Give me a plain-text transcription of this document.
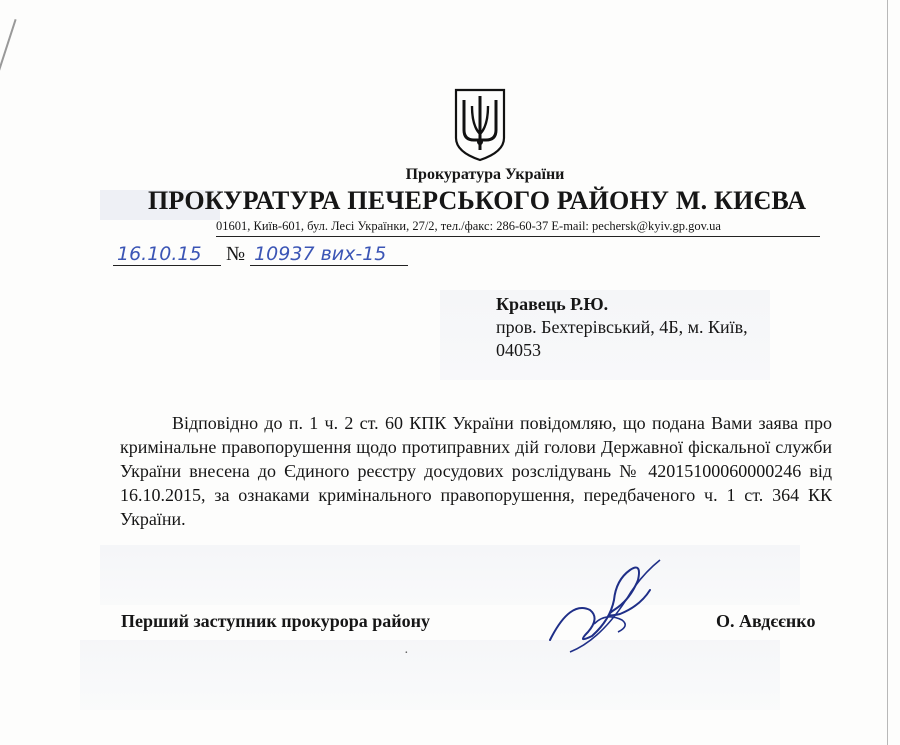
Прокуратура України
ПРОКУРАТУРА ПЕЧЕРСЬКОГО РАЙОНУ М. КИЄВА
01601, Київ-601, бул. Лесі Українки, 27/2, тел./факс: 286-60-37 E-mail: pechersk@kyiv.gp.gov.ua
16.10.15 № 10937 вих-15
Кравець Р.Ю.
пров. Бехтерівський, 4Б, м. Київ,
04053
Відповідно до п. 1 ч. 2 ст. 60 КПК України повідомляю, що подана Вами заява про кримінальне правопорушення щодо протиправних дій голови Державної фіскальної служби України внесена до Єдиного реєстру досудових розслідувань № 42015100060000246 від 16.10.2015, за ознаками кримінального правопорушення, передбаченого ч. 1 ст. 364 КК України.
Перший заступник прокурора району	О. Авдєєнко
·
